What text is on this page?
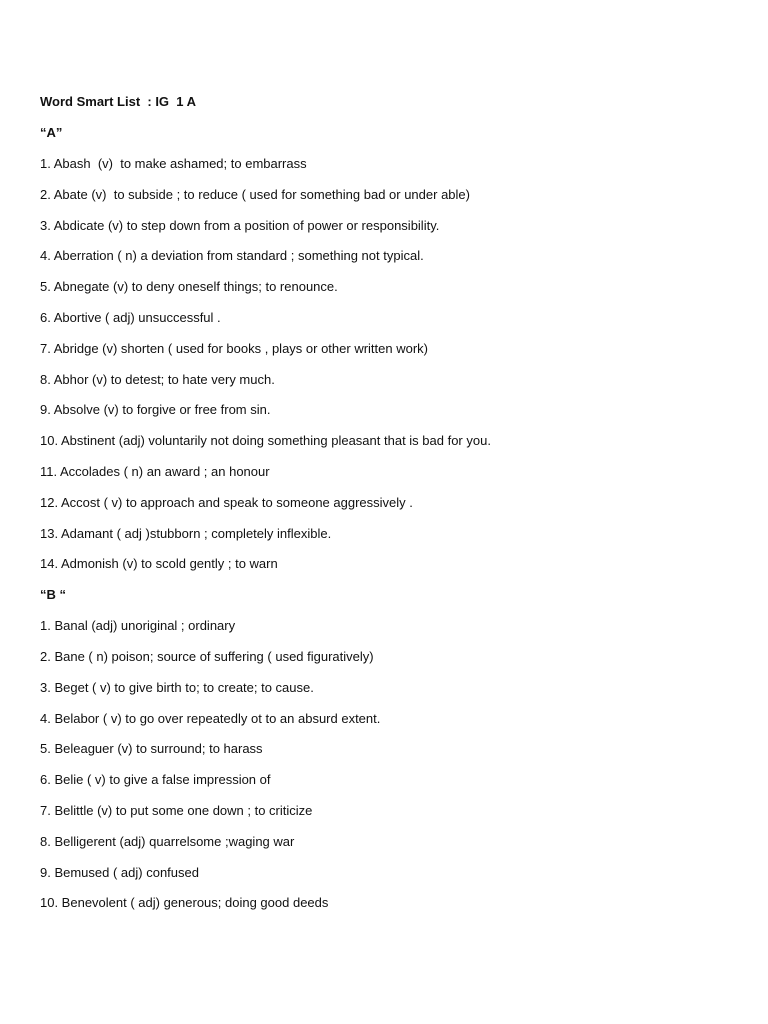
Word Smart List  : IG  1 A
“A”
1. Abash  (v)  to make ashamed; to embarrass
2. Abate (v)  to subside ; to reduce ( used for something bad or under able)
3. Abdicate (v) to step down from a position of power or responsibility.
4. Aberration ( n) a deviation from standard ; something not typical.
5. Abnegate (v) to deny oneself things; to renounce.
6. Abortive ( adj) unsuccessful .
7. Abridge (v) shorten ( used for books , plays or other written work)
8. Abhor (v) to detest; to hate very much.
9. Absolve (v) to forgive or free from sin.
10. Abstinent (adj) voluntarily not doing something pleasant that is bad for you.
11. Accolades ( n) an award ; an honour
12. Accost ( v) to approach and speak to someone aggressively .
13. Adamant ( adj )stubborn ; completely inflexible.
14. Admonish (v) to scold gently ; to warn
“B “
1. Banal (adj) unoriginal ; ordinary
2. Bane ( n) poison; source of suffering ( used figuratively)
3. Beget ( v) to give birth to; to create; to cause.
4. Belabor ( v) to go over repeatedly ot to an absurd extent.
5. Beleaguer (v) to surround; to harass
6. Belie ( v) to give a false impression of
7. Belittle (v) to put some one down ; to criticize
8. Belligerent (adj) quarrelsome ;waging war
9. Bemused ( adj) confused
10. Benevolent ( adj) generous; doing good deeds
